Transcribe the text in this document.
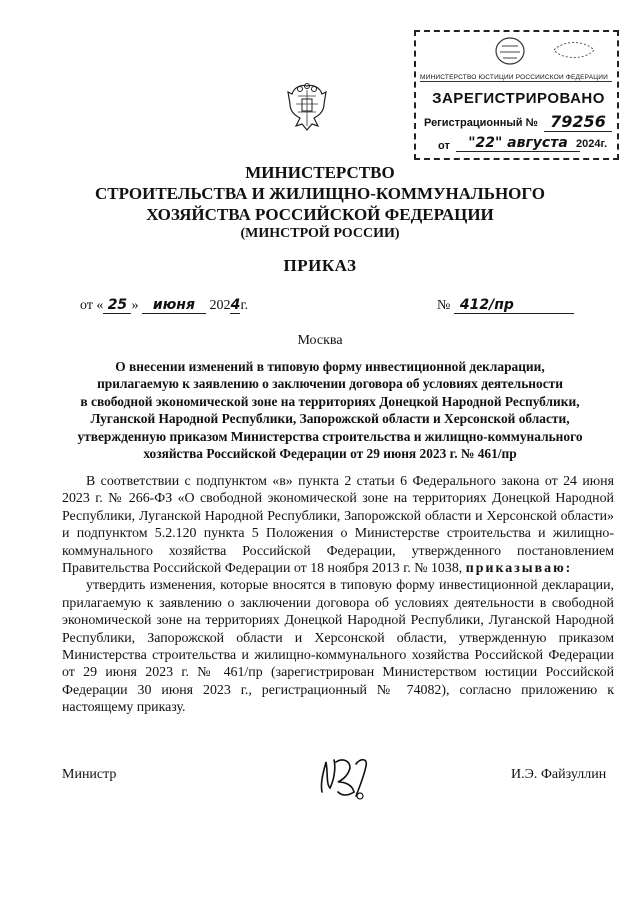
МИНИСТЕРСТВО ЮСТИЦИИ РОССИЙСКОЙ ФЕДЕРАЦИИ
ЗАРЕГИСТРИРОВАНО
Регистрационный № 79256
от	"22" августа 2024г.
МИНИСТЕРСТВО
СТРОИТЕЛЬСТВА И ЖИЛИЩНО-КОММУНАЛЬНОГО
ХОЗЯЙСТВА РОССИЙСКОЙ ФЕДЕРАЦИИ
(МИНСТРОЙ РОССИИ)
ПРИКАЗ
от « 25 » июня 2024г.	№ 412/пр
Москва
О внесении изменений в типовую форму инвестиционной декларации,
прилагаемую к заявлению о заключении договора об условиях деятельности
в свободной экономической зоне на территориях Донецкой Народной Республики,
Луганской Народной Республики, Запорожской области и Херсонской области,
утвержденную приказом Министерства строительства и жилищно-коммунального
хозяйства Российской Федерации от 29 июня 2023 г. № 461/пр

В соответствии с подпунктом «в» пункта 2 статьи 6 Федерального закона от 24 июня 2023 г. № 266-ФЗ «О свободной экономической зоне на территориях Донецкой Народной Республики, Луганской Народной Республики, Запорожской области и Херсонской области» и подпунктом 5.2.120 пункта 5 Положения о Министерстве строительства и жилищно-коммунального хозяйства Российской Федерации, утвержденного постановлением Правительства Российской Федерации от 18 ноября 2013 г. № 1038, приказываю:

утвердить изменения, которые вносятся в типовую форму инвестиционной декларации, прилагаемую к заявлению о заключении договора об условиях деятельности в свободной экономической зоне на территориях Донецкой Народной Республики, Луганской Народной Республики, Запорожской области и Херсонской области, утвержденную приказом Министерства строительства и жилищно-коммунального хозяйства Российской Федерации от 29 июня 2023 г. № 461/пр (зарегистрирован Министерством юстиции Российской Федерации 30 июня 2023 г., регистрационный № 74082), согласно приложению к настоящему приказу.

Министр	И.Э. Файзуллин
